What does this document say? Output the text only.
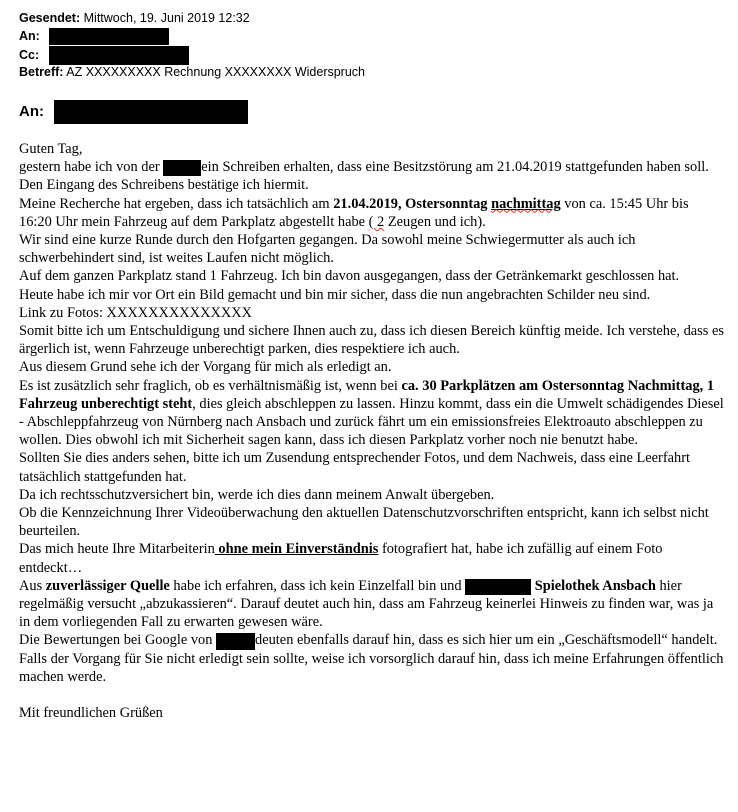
Gesendet: Mittwoch, 19. Juni 2019 12:32
An:
Cc:
Betreff: AZ XXXXXXXXX Rechnung XXXXXXXX Widerspruch
An:

Guten Tag,

gestern habe ich von der	ein Schreiben erhalten, dass eine Besitzstörung am 21.04.2019 stattgefunden haben soll. Den Eingang des Schreibens bestätige ich hiermit.

Meine Recherche hat ergeben, dass ich tatsächlich am 21.04.2019, Ostersonntag nachmittag von ca. 15:45 Uhr bis 16:20 Uhr mein Fahrzeug auf dem Parkplatz abgestellt habe ( 2 Zeugen und ich).

Wir sind eine kurze Runde durch den Hofgarten gegangen. Da sowohl meine Schwiegermutter als auch ich schwerbehindert sind, ist weites Laufen nicht möglich.

Auf dem ganzen Parkplatz stand 1 Fahrzeug. Ich bin davon ausgegangen, dass der Getränkemarkt geschlossen hat.

Heute habe ich mir vor Ort ein Bild gemacht und bin mir sicher, dass die nun angebrachten Schilder neu sind.

Link zu Fotos: XXXXXXXXXXXXXX

Somit bitte ich um Entschuldigung und sichere Ihnen auch zu, dass ich diesen Bereich künftig meide. Ich verstehe, dass es ärgerlich ist, wenn Fahrzeuge unberechtigt parken, dies respektiere ich auch.

Aus diesem Grund sehe ich der Vorgang für mich als erledigt an.

Es ist zusätzlich sehr fraglich, ob es verhältnismäßig ist, wenn bei ca. 30 Parkplätzen am Ostersonntag Nachmittag, 1 Fahrzeug unberechtigt steht, dies gleich abschleppen zu lassen. Hinzu kommt, dass ein die Umwelt schädigendes Diesel - Abschleppfahrzeug von Nürnberg nach Ansbach und zurück fährt um ein emissionsfreies Elektroauto abschleppen zu wollen. Dies obwohl ich mit Sicherheit sagen kann, dass ich diesen Parkplatz vorher noch nie benutzt habe.

Sollten Sie dies anders sehen, bitte ich um Zusendung entsprechender Fotos, und dem Nachweis, dass eine Leerfahrt tatsächlich stattgefunden hat.

Da ich rechtsschutzversichert bin, werde ich dies dann meinem Anwalt übergeben.

Ob die Kennzeichnung Ihrer Videoüberwachung den aktuellen Datenschutzvorschriften entspricht, kann ich selbst nicht beurteilen.

Das mich heute Ihre Mitarbeiterin ohne mein Einverständnis fotografiert hat, habe ich zufällig auf einem Foto entdeckt…

Aus zuverlässiger Quelle habe ich erfahren, dass ich kein Einzelfall bin und	Spielothek Ansbach hier regelmäßig versucht „abzukassieren“. Darauf deutet auch hin, dass am Fahrzeug keinerlei Hinweis zu finden war, was ja in dem vorliegenden Fall zu erwarten gewesen wäre.

Die Bewertungen bei Google von	deuten ebenfalls darauf hin, dass es sich hier um ein „Geschäftsmodell“ handelt.

Falls der Vorgang für Sie nicht erledigt sein sollte, weise ich vorsorglich darauf hin, dass ich meine Erfahrungen öffentlich machen werde.

Mit freundlichen Grüßen
